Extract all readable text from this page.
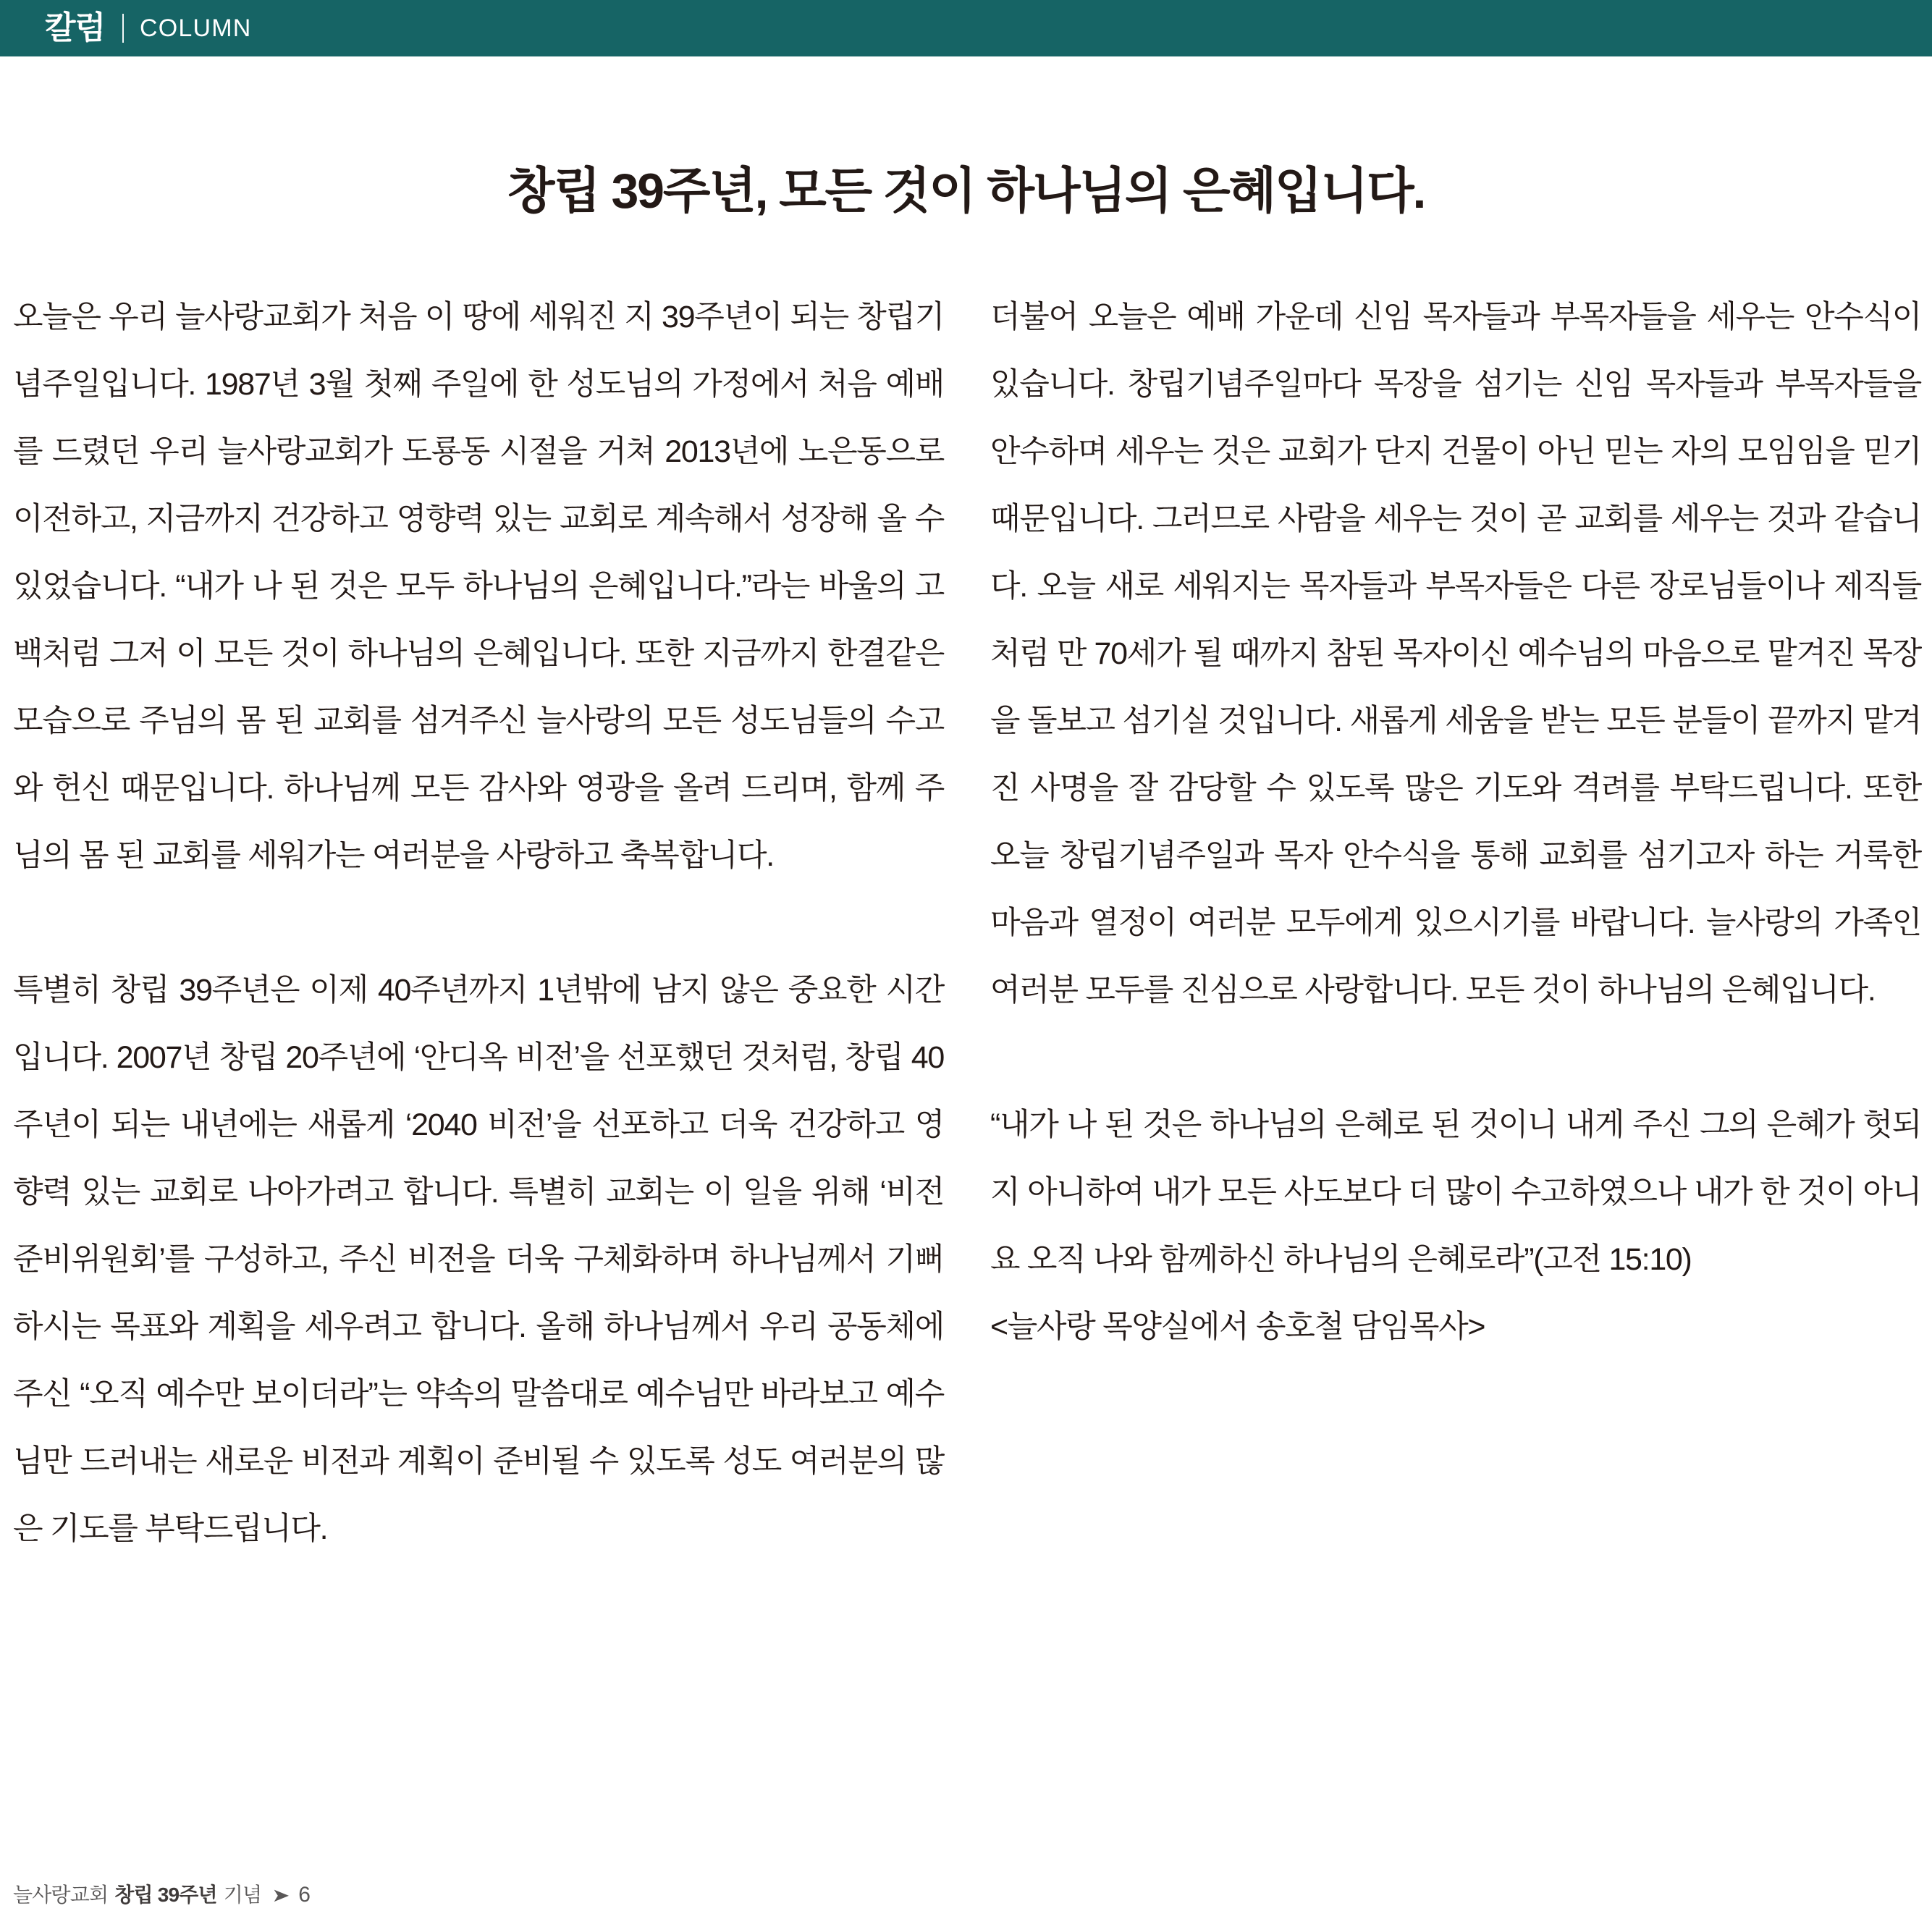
칼럼 COLUMN
창립 39주년, 모든 것이 하나님의 은혜입니다.

오늘은 우리 늘사랑교회가 처음 이 땅에 세워진 지 39주년이 되는 창립기념주일입니다. 1987년 3월 첫째 주일에 한 성도님의 가정에서 처음 예배를 드렸던 우리 늘사랑교회가 도룡동 시절을 거쳐 2013년에 노은동으로 이전하고, 지금까지 건강하고 영향력 있는 교회로 계속해서 성장해 올 수 있었습니다. “내가 나 된 것은 모두 하나님의 은혜입니다.”라는 바울의 고백처럼 그저 이 모든 것이 하나님의 은혜입니다. 또한 지금까지 한결같은 모습으로 주님의 몸 된 교회를 섬겨주신 늘사랑의 모든 성도님들의 수고와 헌신 때문입니다. 하나님께 모든 감사와 영광을 올려 드리며, 함께 주님의 몸 된 교회를 세워가는 여러분을 사랑하고 축복합니다.

특별히 창립 39주년은 이제 40주년까지 1년밖에 남지 않은 중요한 시간입니다. 2007년 창립 20주년에 ‘안디옥 비전’을 선포했던 것처럼, 창립 40주년이 되는 내년에는 새롭게 ‘2040 비전’을 선포하고 더욱 건강하고 영향력 있는 교회로 나아가려고 합니다. 특별히 교회는 이 일을 위해 ‘비전 준비위원회’를 구성하고, 주신 비전을 더욱 구체화하며 하나님께서 기뻐하시는 목표와 계획을 세우려고 합니다. 올해 하나님께서 우리 공동체에 주신 “오직 예수만 보이더라”는 약속의 말씀대로 예수님만 바라보고 예수님만 드러내는 새로운 비전과 계획이 준비될 수 있도록 성도 여러분의 많은 기도를 부탁드립니다.

더불어 오늘은 예배 가운데 신임 목자들과 부목자들을 세우는 안수식이 있습니다. 창립기념주일마다 목장을 섬기는 신임 목자들과 부목자들을 안수하며 세우는 것은 교회가 단지 건물이 아닌 믿는 자의 모임임을 믿기 때문입니다. 그러므로 사람을 세우는 것이 곧 교회를 세우는 것과 같습니다. 오늘 새로 세워지는 목자들과 부목자들은 다른 장로님들이나 제직들처럼 만 70세가 될 때까지 참된 목자이신 예수님의 마음으로 맡겨진 목장을 돌보고 섬기실 것입니다. 새롭게 세움을 받는 모든 분들이 끝까지 맡겨진 사명을 잘 감당할 수 있도록 많은 기도와 격려를 부탁드립니다. 또한 오늘 창립기념주일과 목자 안수식을 통해 교회를 섬기고자 하는 거룩한 마음과 열정이 여러분 모두에게 있으시기를 바랍니다. 늘사랑의 가족인 여러분 모두를 진심으로 사랑합니다. 모든 것이 하나님의 은혜입니다.

“내가 나 된 것은 하나님의 은혜로 된 것이니 내게 주신 그의 은혜가 헛되지 아니하여 내가 모든 사도보다 더 많이 수고하였으나 내가 한 것이 아니요 오직 나와 함께하신 하나님의 은혜로라”(고전 15:10)

<늘사랑 목양실에서 송호철 담임목사>

늘사랑교회 창립 39주년 기념 ➤ 6
